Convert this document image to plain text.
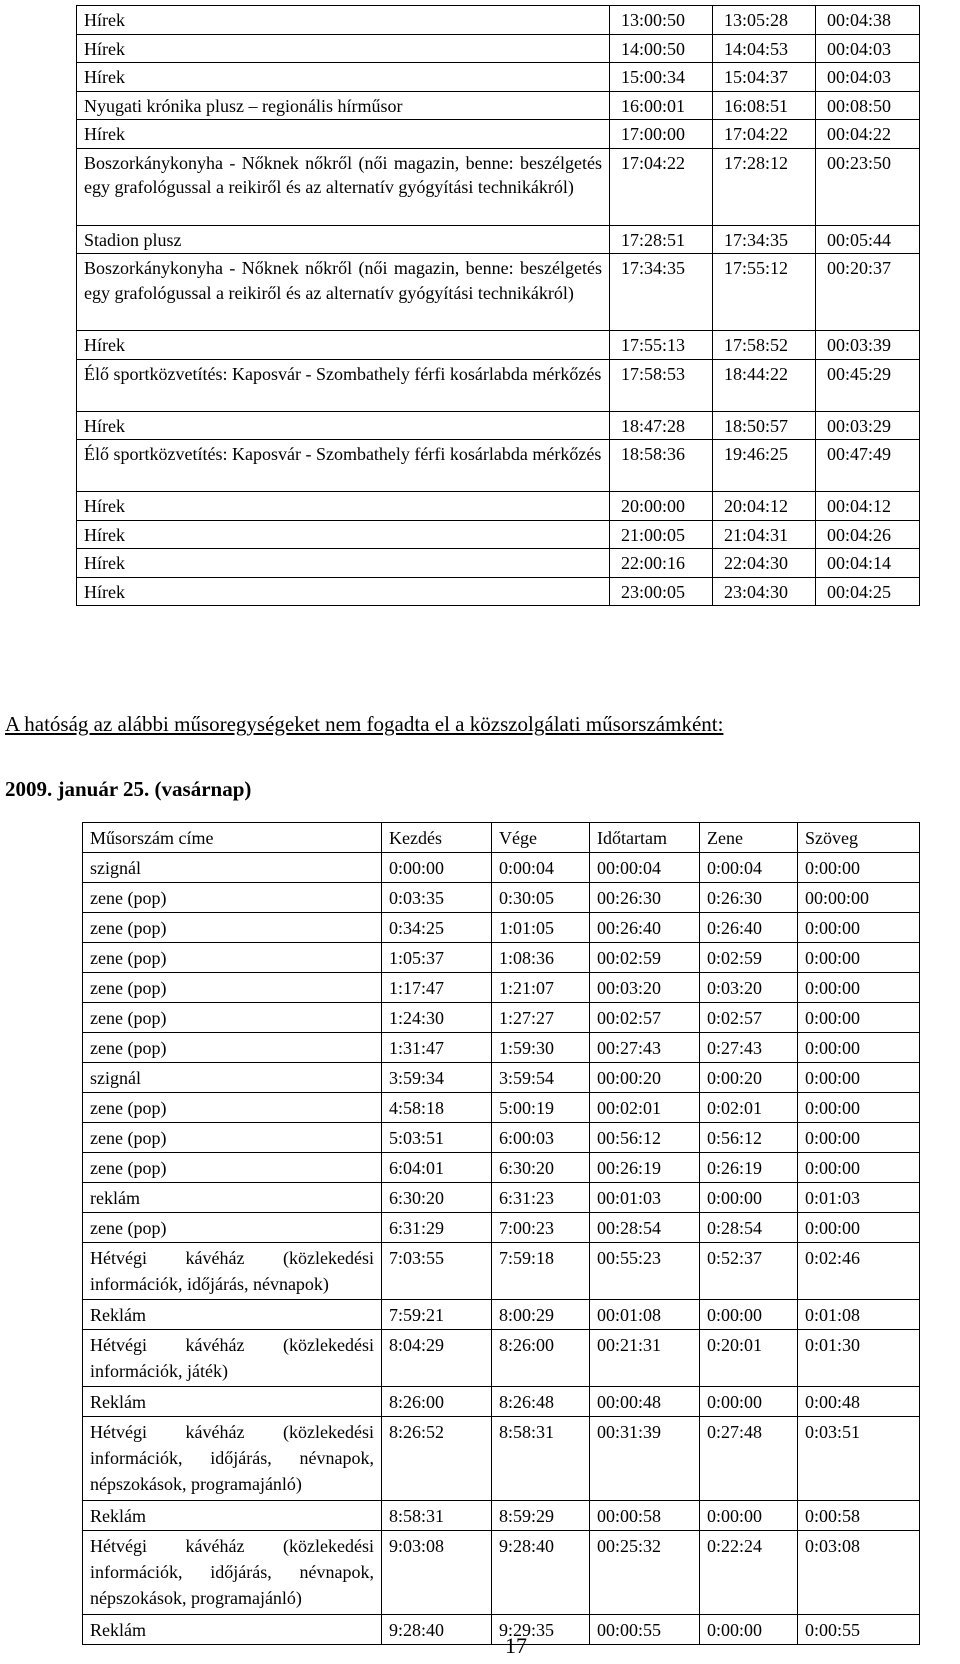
Hírek	13:00:50	13:05:28	00:04:38
Hírek	14:00:50	14:04:53	00:04:03
Hírek	15:00:34	15:04:37	00:04:03
Nyugati krónika plusz – regionális hírműsor	16:00:01	16:08:51	00:08:50
Hírek	17:00:00	17:04:22	00:04:22
Boszorkánykonyha - Nőknek nőkről (női magazin, benne: beszélgetés egy grafológussal a reikiről és az alternatív gyógyítási technikákról)	17:04:22	17:28:12	00:23:50
Stadion plusz	17:28:51	17:34:35	00:05:44
Boszorkánykonyha - Nőknek nőkről (női magazin, benne: beszélgetés egy grafológussal a reikiről és az alternatív gyógyítási technikákról)	17:34:35	17:55:12	00:20:37
Hírek	17:55:13	17:58:52	00:03:39
Élő sportközvetítés: Kaposvár - Szombathely férfi kosárlabda mérkőzés	17:58:53	18:44:22	00:45:29
Hírek	18:47:28	18:50:57	00:03:29
Élő sportközvetítés: Kaposvár - Szombathely férfi kosárlabda mérkőzés	18:58:36	19:46:25	00:47:49
Hírek	20:00:00	20:04:12	00:04:12
Hírek	21:00:05	21:04:31	00:04:26
Hírek	22:00:16	22:04:30	00:04:14
Hírek	23:00:05	23:04:30	00:04:25
A hatóság az alábbi műsoregységeket nem fogadta el a közszolgálati műsorszámként:
2009. január 25. (vasárnap)
Műsorszám címe	Kezdés	Vége	Időtartam	Zene	Szöveg
szignál	0:00:00	0:00:04	00:00:04	0:00:04	0:00:00
zene (pop)	0:03:35	0:30:05	00:26:30	0:26:30	00:00:00
zene (pop)	0:34:25	1:01:05	00:26:40	0:26:40	0:00:00
zene (pop)	1:05:37	1:08:36	00:02:59	0:02:59	0:00:00
zene (pop)	1:17:47	1:21:07	00:03:20	0:03:20	0:00:00
zene (pop)	1:24:30	1:27:27	00:02:57	0:02:57	0:00:00
zene (pop)	1:31:47	1:59:30	00:27:43	0:27:43	0:00:00
szignál	3:59:34	3:59:54	00:00:20	0:00:20	0:00:00
zene (pop)	4:58:18	5:00:19	00:02:01	0:02:01	0:00:00
zene (pop)	5:03:51	6:00:03	00:56:12	0:56:12	0:00:00
zene (pop)	6:04:01	6:30:20	00:26:19	0:26:19	0:00:00
reklám	6:30:20	6:31:23	00:01:03	0:00:00	0:01:03
zene (pop)	6:31:29	7:00:23	00:28:54	0:28:54	0:00:00
Hétvégi kávéház (közlekedési információk, időjárás, névnapok)	7:03:55	7:59:18	00:55:23	0:52:37	0:02:46
Reklám	7:59:21	8:00:29	00:01:08	0:00:00	0:01:08
Hétvégi kávéház (közlekedési információk, játék)	8:04:29	8:26:00	00:21:31	0:20:01	0:01:30
Reklám	8:26:00	8:26:48	00:00:48	0:00:00	0:00:48
Hétvégi kávéház (közlekedési információk, időjárás, névnapok, népszokások, programajánló)	8:26:52	8:58:31	00:31:39	0:27:48	0:03:51
Reklám	8:58:31	8:59:29	00:00:58	0:00:00	0:00:58
Hétvégi kávéház (közlekedési információk, időjárás, névnapok, népszokások, programajánló)	9:03:08	9:28:40	00:25:32	0:22:24	0:03:08
Reklám	9:28:40	9:29:35	00:00:55	0:00:00	0:00:55
17
